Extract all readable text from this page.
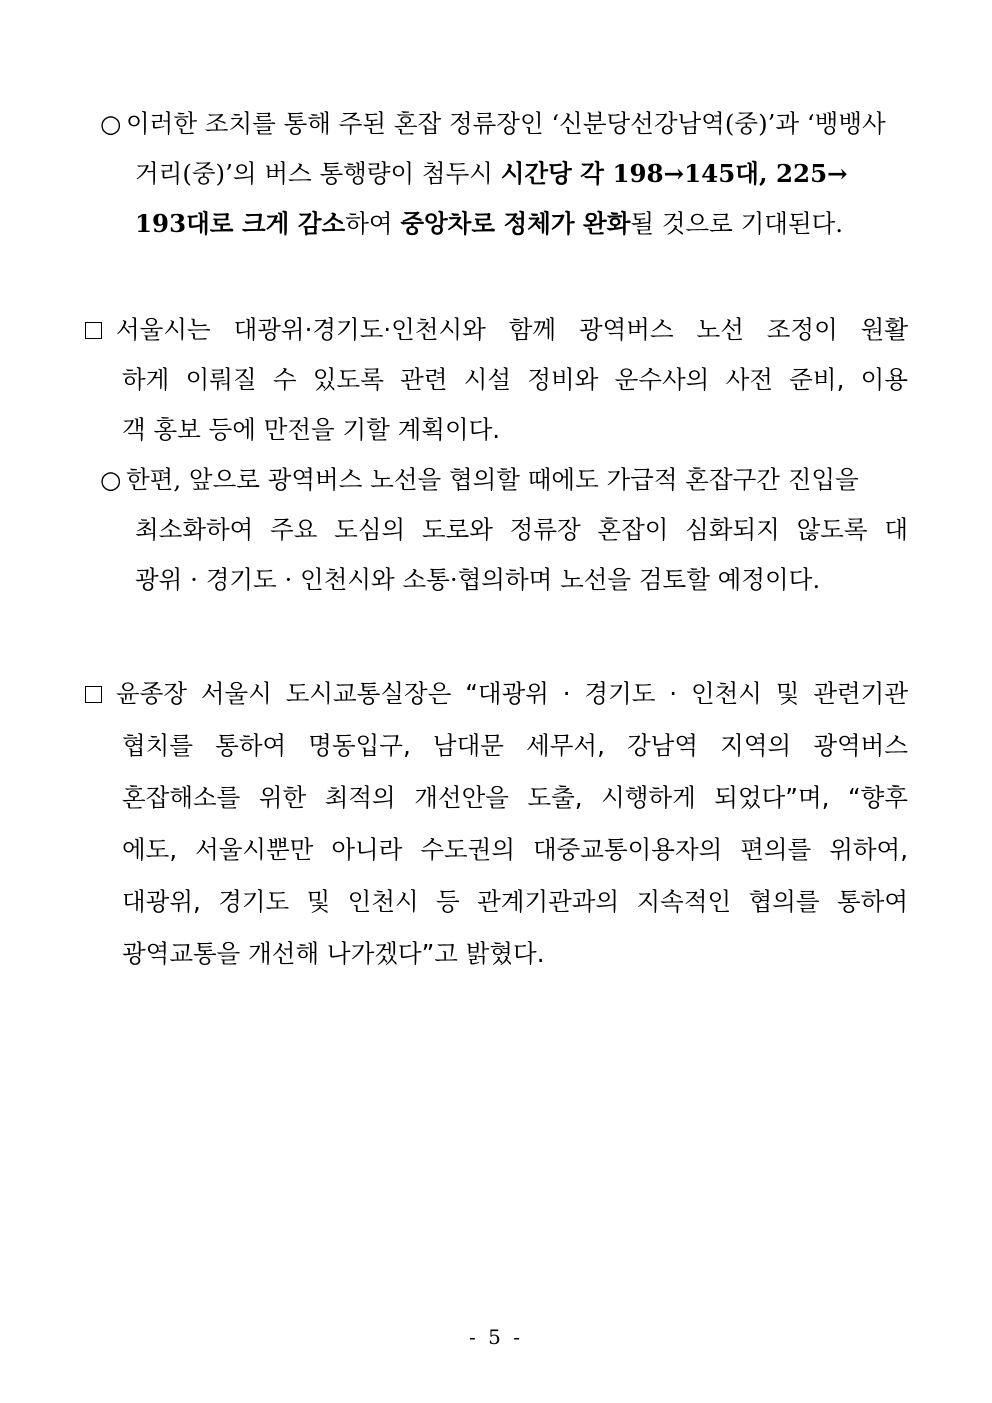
○ 이러한 조치를 통해 주된 혼잡 정류장인 ‘신분당선강남역(중)’과 ‘뱅뱅사
거리(중)’의 버스 통행량이 첨두시 시간당 각 198→145대, 225→
193대로 크게 감소하여 중앙차로 정체가 완화될 것으로 기대된다.
서울시는 대광위·경기도·인천시와 함께 광역버스 노선 조정이 원활
하게 이뤄질 수 있도록 관련 시설 정비와 운수사의 사전 준비, 이용
객 홍보 등에 만전을 기할 계획이다.
○ 한편, 앞으로 광역버스 노선을 협의할 때에도 가급적 혼잡구간 진입을
최소화하여 주요 도심의 도로와 정류장 혼잡이 심화되지 않도록 대
광위 · 경기도 · 인천시와 소통·협의하며 노선을 검토할 예정이다.
윤종장 서울시 도시교통실장은 “대광위 · 경기도 · 인천시 및 관련기관
협치를 통하여 명동입구, 남대문 세무서, 강남역 지역의 광역버스
혼잡해소를 위한 최적의 개선안을 도출, 시행하게 되었다”며, “향후
에도, 서울시뿐만 아니라 수도권의 대중교통이용자의 편의를 위하여,
대광위, 경기도 및 인천시 등 관계기관과의 지속적인 협의를 통하여
광역교통을 개선해 나가겠다”고 밝혔다.
- 5 -
